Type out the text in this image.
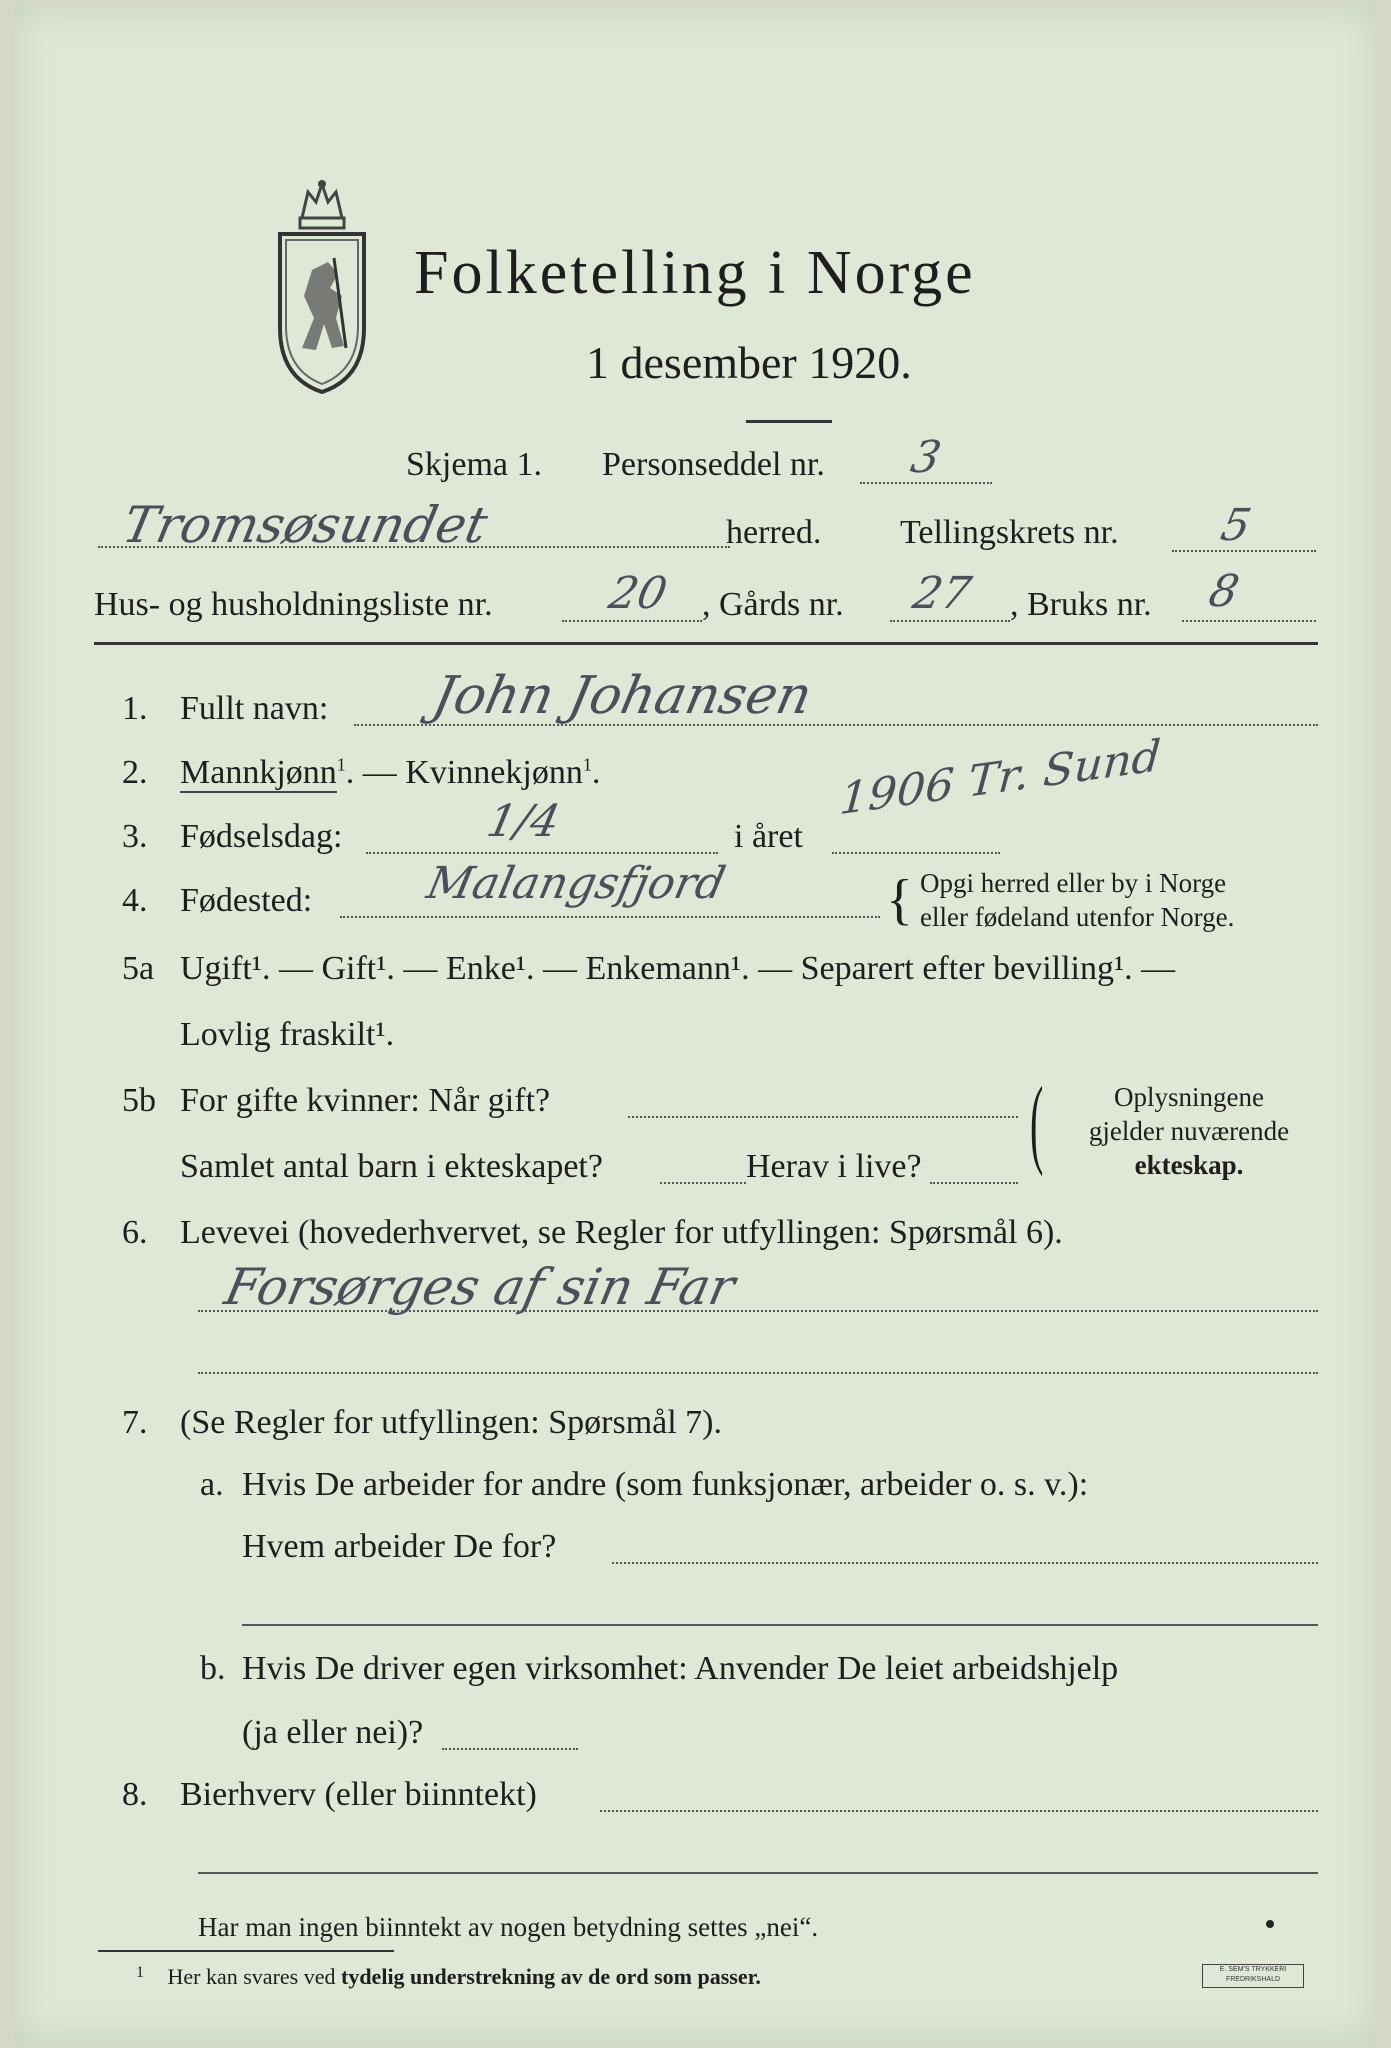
Folketelling i Norge
1 desember 1920.
Skjema 1. Personseddel nr. 3
Tromsøsundet	herred. Tellingskrets nr. 5
Hus- og husholdningsliste nr.	20 , Gårds nr. 27 , Bruks nr. 8
1. Fullt navn: John Johansen
2. Mannkjønn$^1$. — Kvinnekjønn$^1$.
3. Fødselsdag:	1/4	i året
1906 Tr. Sund
4. Fødested:	Malangsfjord	{ Opgi herred eller by i Norge
eller fødeland utenfor Norge.
5a Ugift¹. — Gift¹. — Enke¹. — Enkemann¹. — Separert efter bevilling¹. —
Lovlig fraskilt¹.
5b For gifte kvinner: Når gift?
Samlet antal barn i ekteskapet?	Herav i live? (	Oplysningene
gjelder nuværende
ekteskap.
6. Levevei (hovederhvervet, se Regler for utfyllingen: Spørsmål 6).
Forsørges af sin Far
7. (Se Regler for utfyllingen: Spørsmål 7).
a. Hvis De arbeider for andre (som funksjonær, arbeider o. s. v.):
Hvem arbeider De for?
b. Hvis De driver egen virksomhet: Anvender De leiet arbeidshjelp
(ja eller nei)?
8. Bierhverv (eller biinntekt)
Har man ingen biinntekt av nogen betydning settes „nei“.
$^1$ Her kan svares ved tydelig understrekning av de ord som passer.	E. SEM'S TRYKKERI FREDRIKSHALD
